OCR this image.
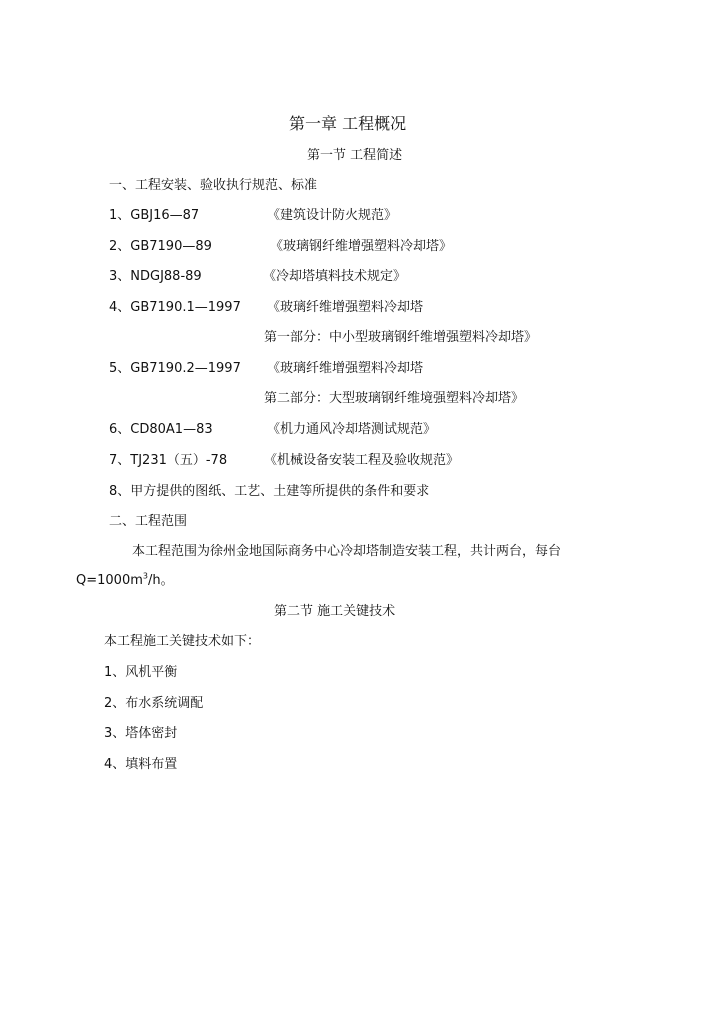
第一章 工程概况
第一节 工程简述
一、工程安装、验收执行规范、标准
1、GBJ16—87	《建筑设计防火规范》
2、GB7190—89	《玻璃钢纤维增强塑料冷却塔》
3、NDGJ88-89	《冷却塔填料技术规定》
4、GB7190.1—1997 《玻璃纤维增强塑料冷却塔
第一部分：中小型玻璃钢纤维增强塑料冷却塔》
5、GB7190.2—1997 《玻璃纤维增强塑料冷却塔
第二部分：大型玻璃钢纤维境强塑料冷却塔》
6、CD80A1—83	《机力通风冷却塔测试规范》
7、TJ231（五）-78	《机械设备安装工程及验收规范》
8、甲方提供的图纸、工艺、土建等所提供的条件和要求
二、工程范围
本工程范围为徐州金地国际商务中心冷却塔制造安装工程，共计两台，每台
$Q=1000m^3/h$。
第二节 施工关键技术
本工程施工关键技术如下：
1、风机平衡
2、布水系统调配
3、塔体密封
4、填料布置
